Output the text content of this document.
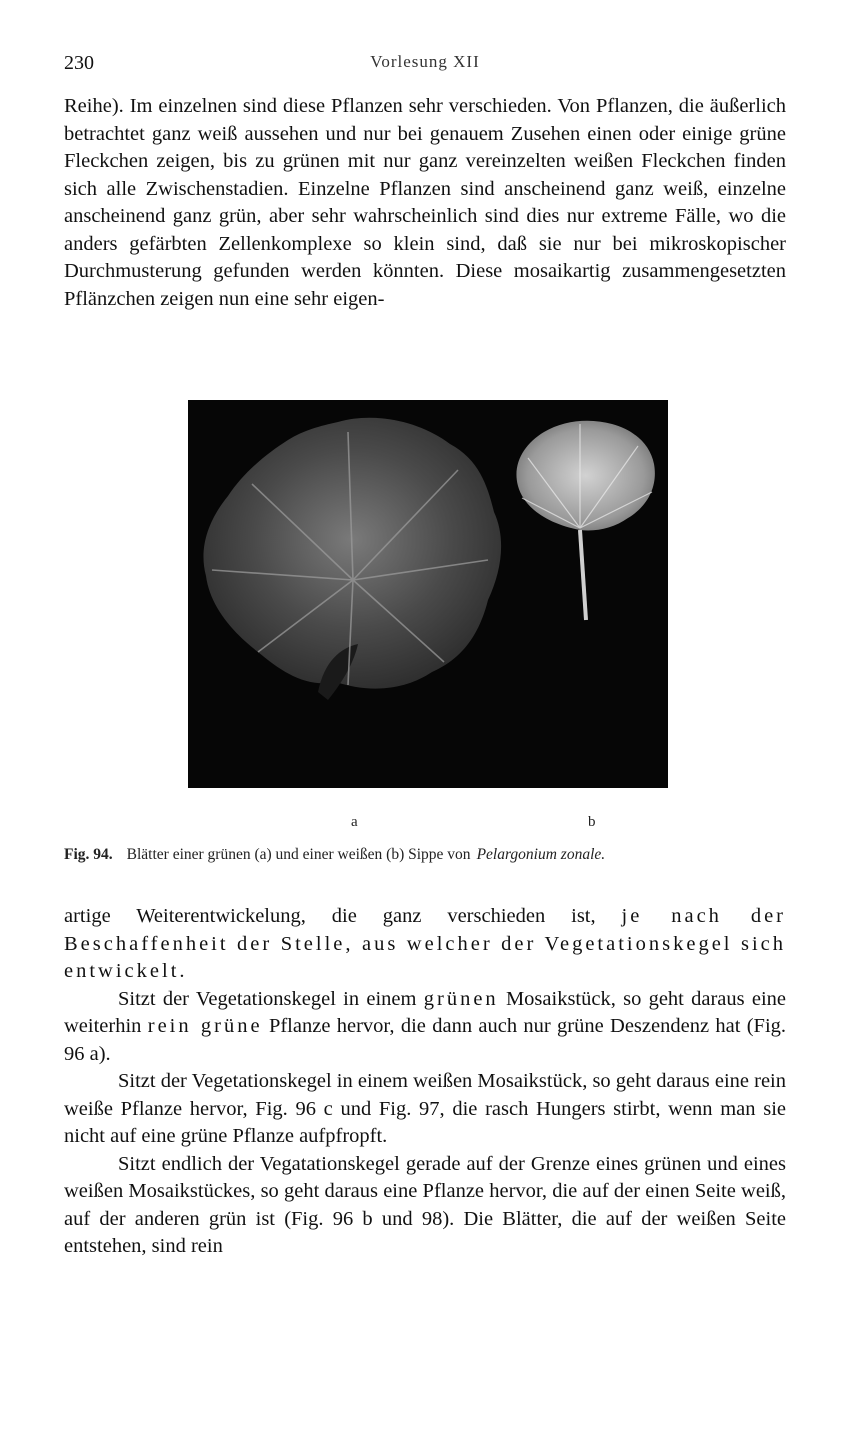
230	Vorlesung XII

Reihe). Im einzelnen sind diese Pflanzen sehr verschieden. Von Pflanzen, die äußerlich betrachtet ganz weiß aussehen und nur bei genauem Zusehen einen oder einige grüne Fleckchen zeigen, bis zu grünen mit nur ganz vereinzelten weißen Fleckchen finden sich alle Zwischenstadien. Einzelne Pflanzen sind anscheinend ganz weiß, einzelne anscheinend ganz grün, aber sehr wahrscheinlich sind dies nur extreme Fälle, wo die anders gefärbten Zellenkomplexe so klein sind, daß sie nur bei mikroskopischer Durchmusterung gefunden werden könnten. Diese mosaikartig zusammengesetzten Pflänzchen zeigen nun eine sehr eigen-

a	b
Fig. 94. Blätter einer grünen (a) und einer weißen (b) Sippe von Pelargonium zonale.

artige Weiterentwickelung, die ganz verschieden ist, je nach der Beschaffenheit der Stelle, aus welcher der Vegetationskegel sich entwickelt.

Sitzt der Vegetationskegel in einem grünen Mosaikstück, so geht daraus eine weiterhin rein grüne Pflanze hervor, die dann auch nur grüne Deszendenz hat (Fig. 96 a).

Sitzt der Vegetationskegel in einem weißen Mosaikstück, so geht daraus eine rein weiße Pflanze hervor, Fig. 96 c und Fig. 97, die rasch Hungers stirbt, wenn man sie nicht auf eine grüne Pflanze aufpfropft.

Sitzt endlich der Vegatationskegel gerade auf der Grenze eines grünen und eines weißen Mosaikstückes, so geht daraus eine Pflanze hervor, die auf der einen Seite weiß, auf der anderen grün ist (Fig. 96 b und 98). Die Blätter, die auf der weißen Seite entstehen, sind rein
